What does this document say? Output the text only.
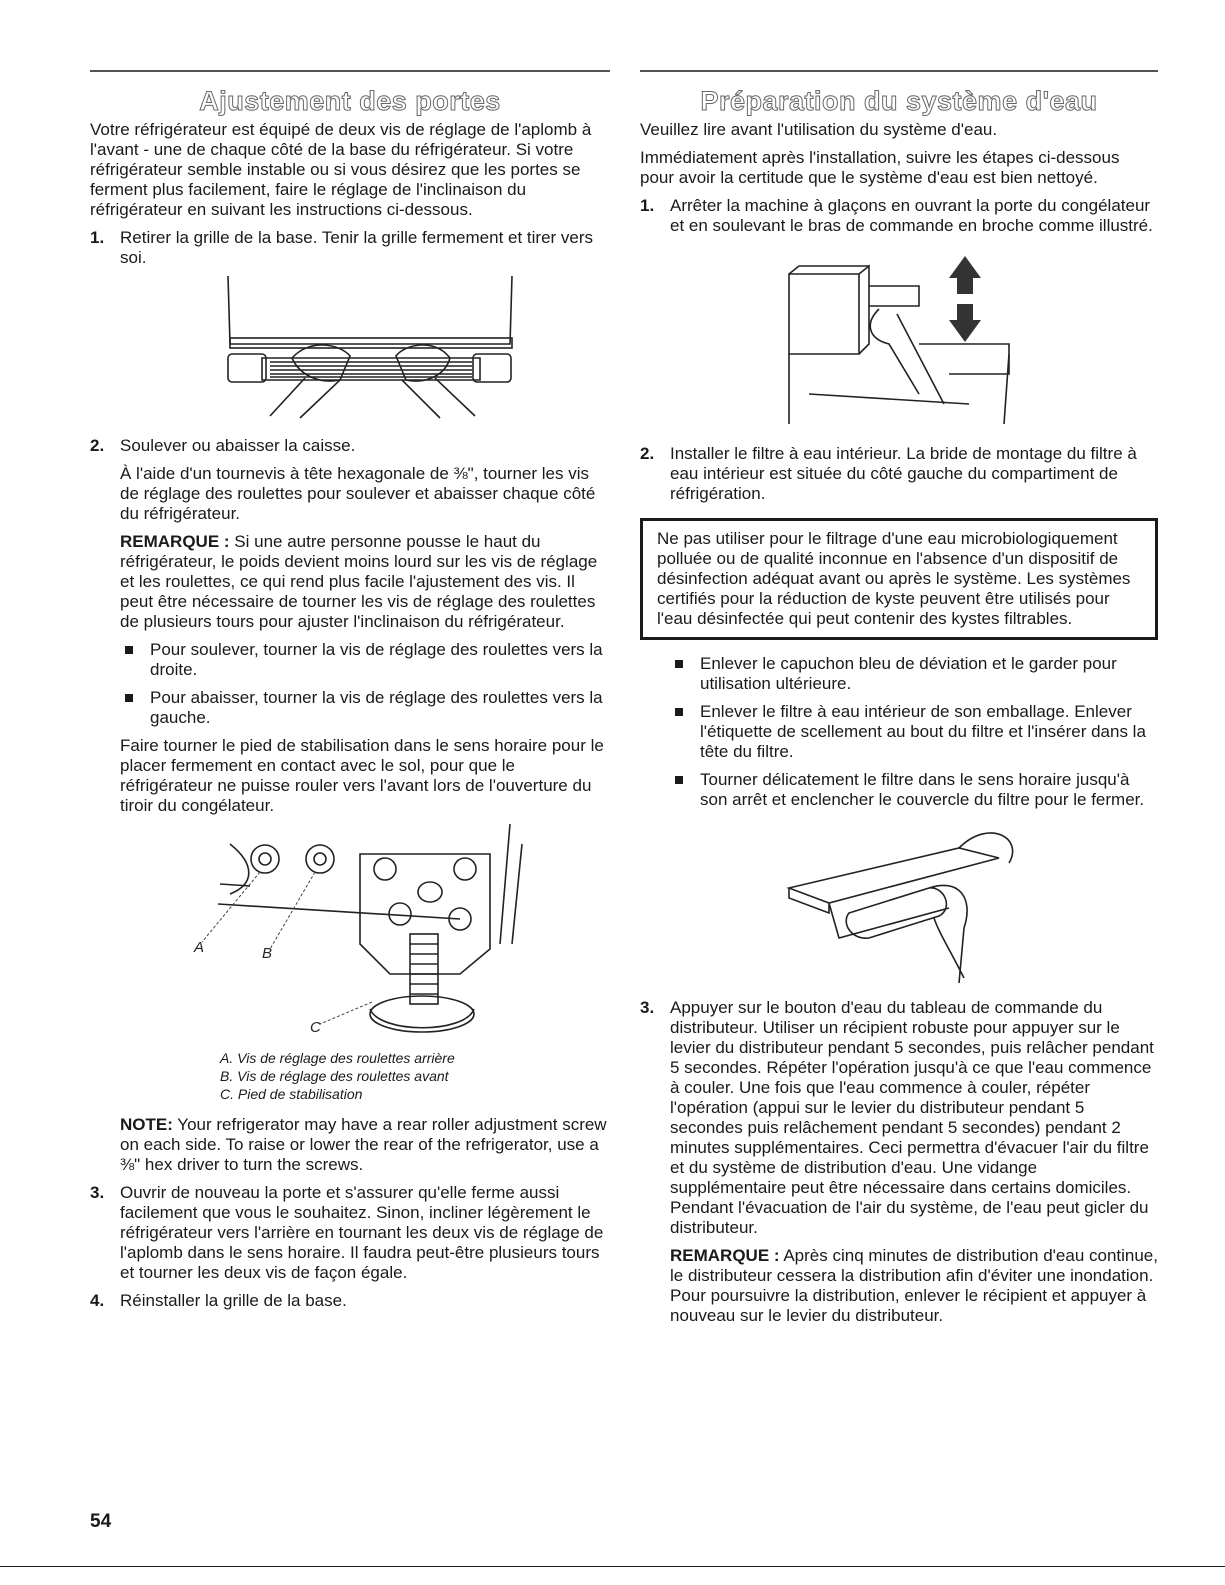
Ajustement des portes

Votre réfrigérateur est équipé de deux vis de réglage de l'aplomb à l'avant - une de chaque côté de la base du réfrigérateur. Si votre réfrigérateur semble instable ou si vous désirez que les portes se ferment plus facilement, faire le réglage de l'inclinaison du réfrigérateur en suivant les instructions ci-dessous.

1. Retirer la grille de la base. Tenir la grille fermement et tirer vers soi.
2. Soulever ou abaisser la caisse.

À l'aide d'un tournevis à tête hexagonale de ⅜", tourner les vis de réglage des roulettes pour soulever et abaisser chaque côté du réfrigérateur.

REMARQUE : Si une autre personne pousse le haut du réfrigérateur, le poids devient moins lourd sur les vis de réglage et les roulettes, ce qui rend plus facile l'ajustement des vis. Il peut être nécessaire de tourner les vis de réglage des roulettes de plusieurs tours pour ajuster l'inclinaison du réfrigérateur.

Pour soulever, tourner la vis de réglage des roulettes vers la droite.
Pour abaisser, tourner la vis de réglage des roulettes vers la gauche.

Faire tourner le pied de stabilisation dans le sens horaire pour le placer fermement en contact avec le sol, pour que le réfrigérateur ne puisse rouler vers l'avant lors de l'ouverture du tiroir du congélateur.

A	B
C
A. Vis de réglage des roulettes arrière
B. Vis de réglage des roulettes avant
C. Pied de stabilisation

NOTE: Your refrigerator may have a rear roller adjustment screw on each side. To raise or lower the rear of the refrigerator, use a ⅜" hex driver to turn the screws.

3. Ouvrir de nouveau la porte et s'assurer qu'elle ferme aussi facilement que vous le souhaitez. Sinon, incliner légèrement le réfrigérateur vers l'arrière en tournant les deux vis de réglage de l'aplomb dans le sens horaire. Il faudra peut-être plusieurs tours et tourner les deux vis de façon égale.
4. Réinstaller la grille de la base.
Préparation du système d'eau

Veuillez lire avant l'utilisation du système d'eau.

Immédiatement après l'installation, suivre les étapes ci-dessous pour avoir la certitude que le système d'eau est bien nettoyé.

1. Arrêter la machine à glaçons en ouvrant la porte du congélateur et en soulevant le bras de commande en broche comme illustré.
2. Installer le filtre à eau intérieur. La bride de montage du filtre à eau intérieur est située du côté gauche du compartiment de réfrigération.
Ne pas utiliser pour le filtrage d'une eau microbiologiquement polluée ou de qualité inconnue en l'absence d'un dispositif de désinfection adéquat avant ou après le système. Les systèmes certifiés pour la réduction de kyste peuvent être utilisés pour l'eau désinfectée qui peut contenir des kystes filtrables.
Enlever le capuchon bleu de déviation et le garder pour utilisation ultérieure.
Enlever le filtre à eau intérieur de son emballage. Enlever l'étiquette de scellement au bout du filtre et l'insérer dans la tête du filtre.
Tourner délicatement le filtre dans le sens horaire jusqu'à son arrêt et enclencher le couvercle du filtre pour le fermer.
3. Appuyer sur le bouton d'eau du tableau de commande du distributeur. Utiliser un récipient robuste pour appuyer sur le levier du distributeur pendant 5 secondes, puis relâcher pendant 5 secondes. Répéter l'opération jusqu'à ce que l'eau commence à couler. Une fois que l'eau commence à couler, répéter l'opération (appui sur le levier du distributeur pendant 5 secondes puis relâchement pendant 5 secondes) pendant 2 minutes supplémentaires. Ceci permettra d'évacuer l'air du filtre et du système de distribution d'eau. Une vidange supplémentaire peut être nécessaire dans certains domiciles. Pendant l'évacuation de l'air du système, de l'eau peut gicler du distributeur.

REMARQUE : Après cinq minutes de distribution d'eau continue, le distributeur cessera la distribution afin d'éviter une inondation. Pour poursuivre la distribution, enlever le récipient et appuyer à nouveau sur le levier du distributeur.

54
